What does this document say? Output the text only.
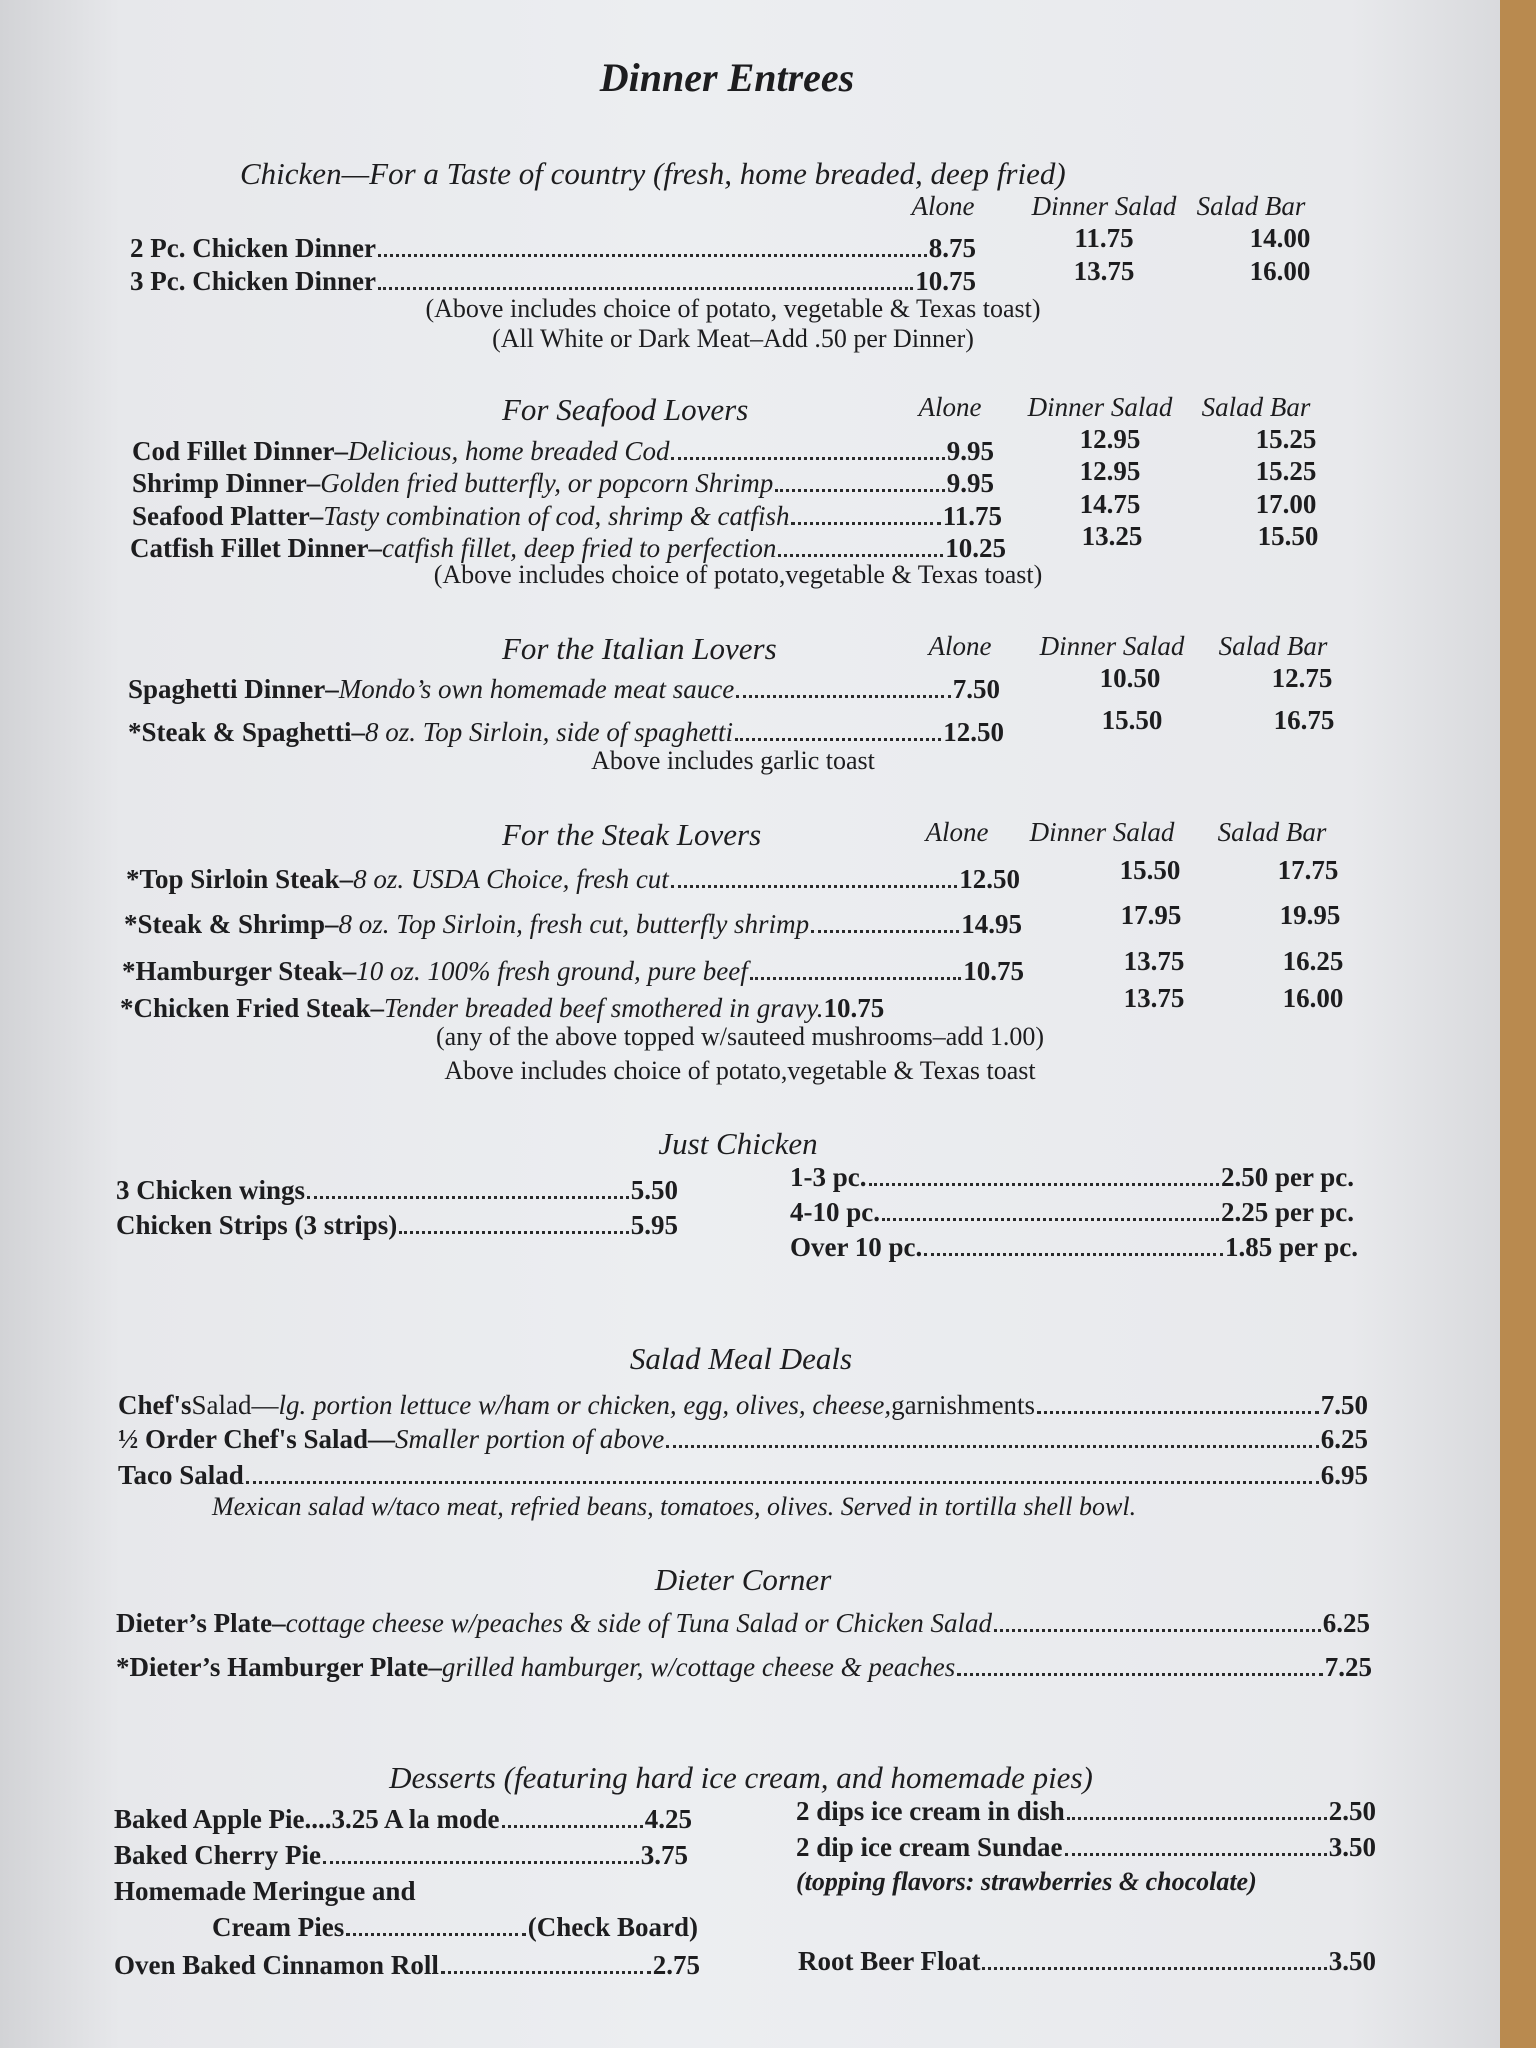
Dinner Entrees
Chicken—For a Taste of country (fresh, home breaded, deep fried)
Alone Dinner Salad Salad Bar
2 Pc. Chicken Dinner	8.75	11.75	14.00
3 Pc. Chicken Dinner	10.75	13.75	16.00
(Above includes choice of potato, vegetable & Texas toast)
(All White or Dark Meat–Add .50 per Dinner)
For Seafood Lovers	Alone Dinner Salad Salad Bar
Cod Fillet Dinner– Delicious, home breaded Cod	9.95	12.95	15.25
Shrimp Dinner– Golden fried butterfly, or popcorn Shrimp	9.95	12.95	15.25
Seafood Platter– Tasty combination of cod, shrimp & catfish	11.75	14.75	17.00
Catfish Fillet Dinner– catfish fillet, deep fried to perfection	10.25	13.25	15.50
(Above includes choice of potato,vegetable & Texas toast)
For the Italian Lovers	Alone Dinner Salad Salad Bar
Spaghetti Dinner– Mondo’s own homemade meat sauce	7.50	10.50	12.75
*Steak & Spaghetti– 8 oz. Top Sirloin, side of spaghetti	12.50	15.50	16.75
Above includes garlic toast
For the Steak Lovers	Alone Dinner Salad Salad Bar
*Top Sirloin Steak– 8 oz. USDA Choice, fresh cut	12.50	15.50	17.75
*Steak & Shrimp– 8 oz. Top Sirloin, fresh cut, butterfly shrimp	14.95	17.95	19.95
*Hamburger Steak– 10 oz. 100% fresh ground, pure beef	10.75	13.75	16.25
*Chicken Fried Steak–Tender breaded beef smothered in gravy.10.75	13.75	16.00
(any of the above topped w/sauteed mushrooms–add 1.00)
Above includes choice of potato,vegetable & Texas toast
Just Chicken
3 Chicken wings	5.50
Chicken Strips (3 strips)	5.95
1-3 pc.	2.50 per pc.
4-10 pc.	2.25 per pc.
Over 10 pc.	1.85 per pc.
Salad Meal Deals
Chef's Salad— lg. portion lettuce w/ham or chicken, egg, olives, cheese, garnishments	7.50
½ Order Chef's Salad— Smaller portion of above	6.25
Taco Salad	6.95
Mexican salad w/taco meat, refried beans, tomatoes, olives. Served in tortilla shell bowl.
Dieter Corner
Dieter’s Plate– cottage cheese w/peaches & side of Tuna Salad or Chicken Salad	6.25
*Dieter’s Hamburger Plate– grilled hamburger, w/cottage cheese & peaches	7.25
Desserts (featuring hard ice cream, and homemade pies)
Baked Apple Pie....3.25 A la mode	4.25
Baked Cherry Pie	3.75
Homemade Meringue and
Cream Pies	(Check Board)
Oven Baked Cinnamon Roll	2.75
2 dips ice cream in dish	2.50
2 dip ice cream Sundae	3.50
(topping flavors: strawberries & chocolate)
Root Beer Float	3.50
